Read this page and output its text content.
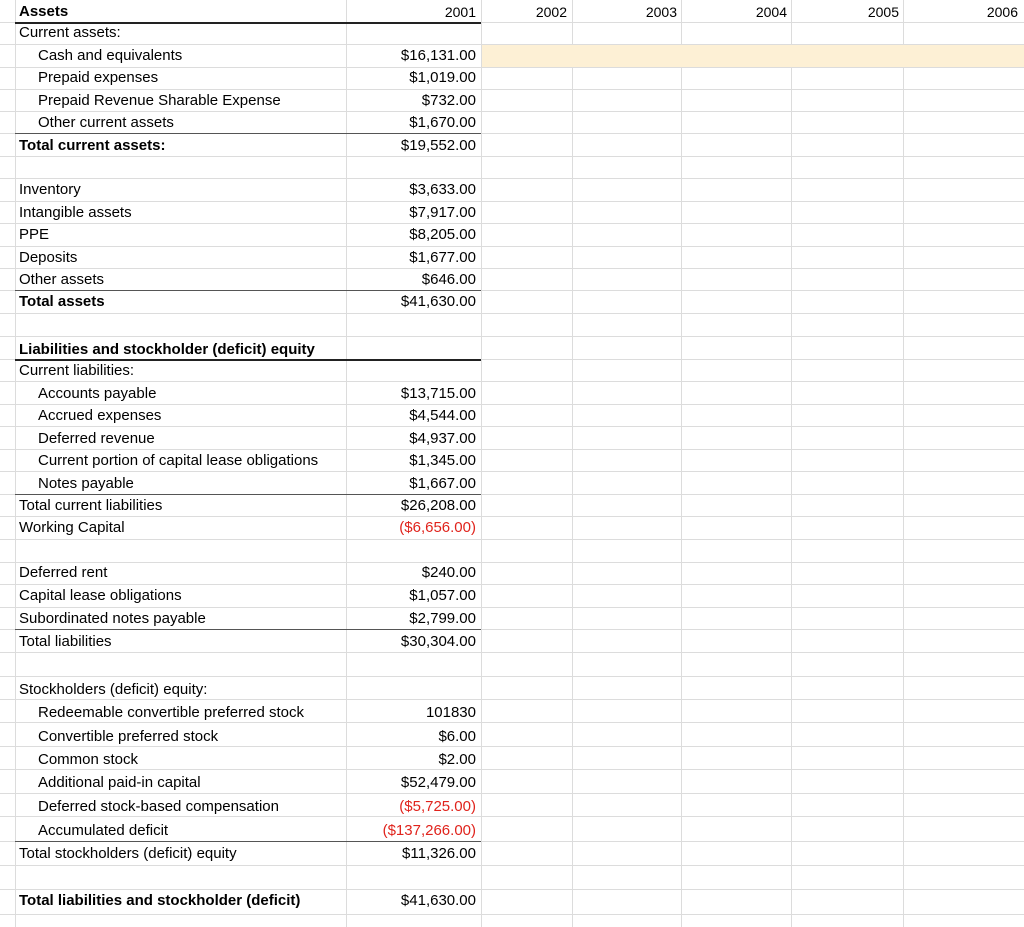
Assets	2001	2002	2003	2004	2005	2006
Current assets:
Cash and equivalents	$16,131.00
Prepaid expenses	$1,019.00
Prepaid Revenue Sharable Expense	$732.00
Other current assets	$1,670.00
Total current assets:	$19,552.00
Inventory	$3,633.00
Intangible assets	$7,917.00
PPE	$8,205.00
Deposits	$1,677.00
Other assets	$646.00
Total assets	$41,630.00
Liabilities and stockholder (deficit) equity
Current liabilities:
Accounts payable	$13,715.00
Accrued expenses	$4,544.00
Deferred revenue	$4,937.00
Current portion of capital lease obligations	$1,345.00
Notes payable	$1,667.00
Total current liabilities	$26,208.00
Working Capital	($6,656.00)
Deferred rent	$240.00
Capital lease obligations	$1,057.00
Subordinated notes payable	$2,799.00
Total liabilities	$30,304.00
Stockholders (deficit) equity:
Redeemable convertible preferred stock	101830
Convertible preferred stock	$6.00
Common stock	$2.00
Additional paid-in capital	$52,479.00
Deferred stock-based compensation	($5,725.00)
Accumulated deficit	($137,266.00)
Total stockholders (deficit) equity	$11,326.00
Total liabilities and stockholder (deficit)	$41,630.00
